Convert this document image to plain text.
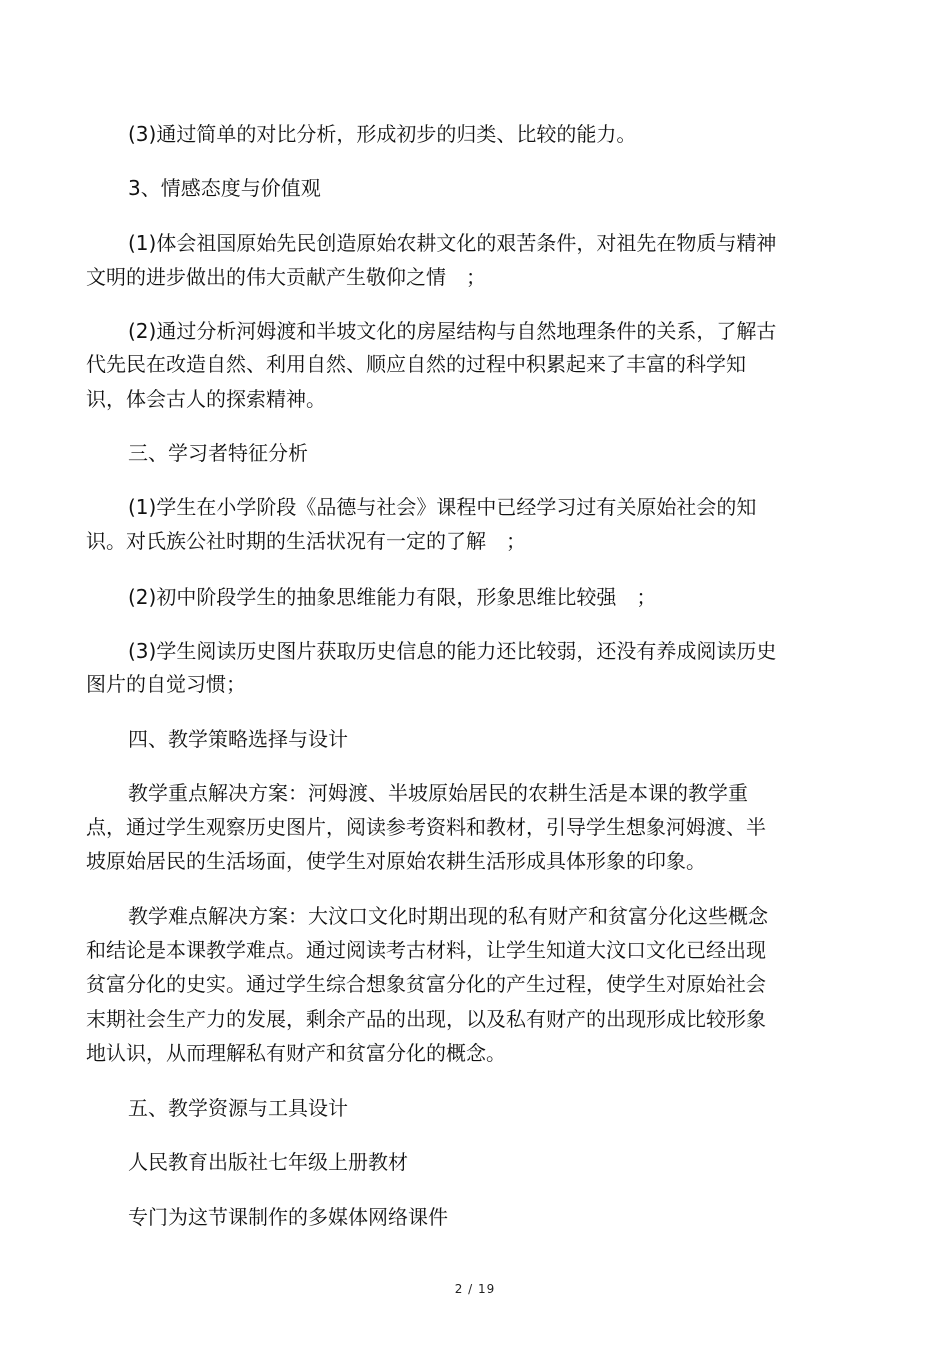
(3)通过简单的对比分析，形成初步的归类、比较的能力。
3、情感态度与价值观
(1)体会祖国原始先民创造原始农耕文化的艰苦条件，对祖先在物质与精神
文明的进步做出的伟大贡献产生敬仰之情　；
(2)通过分析河姆渡和半坡文化的房屋结构与自然地理条件的关系，了解古
代先民在改造自然、利用自然、顺应自然的过程中积累起来了丰富的科学知
识，体会古人的探索精神。
三、学习者特征分析
(1)学生在小学阶段《品德与社会》课程中已经学习过有关原始社会的知
识。对氏族公社时期的生活状况有一定的了解　；
(2)初中阶段学生的抽象思维能力有限，形象思维比较强　；
(3)学生阅读历史图片获取历史信息的能力还比较弱，还没有养成阅读历史
图片的自觉习惯；
四、教学策略选择与设计
教学重点解决方案：河姆渡、半坡原始居民的农耕生活是本课的教学重
点，通过学生观察历史图片，阅读参考资料和教材，引导学生想象河姆渡、半
坡原始居民的生活场面，使学生对原始农耕生活形成具体形象的印象。
教学难点解决方案：大汶口文化时期出现的私有财产和贫富分化这些概念
和结论是本课教学难点。通过阅读考古材料，让学生知道大汶口文化已经出现
贫富分化的史实。通过学生综合想象贫富分化的产生过程，使学生对原始社会
末期社会生产力的发展，剩余产品的出现，以及私有财产的出现形成比较形象
地认识，从而理解私有财产和贫富分化的概念。
五、教学资源与工具设计
人民教育出版社七年级上册教材
专门为这节课制作的多媒体网络课件
2 / 19
